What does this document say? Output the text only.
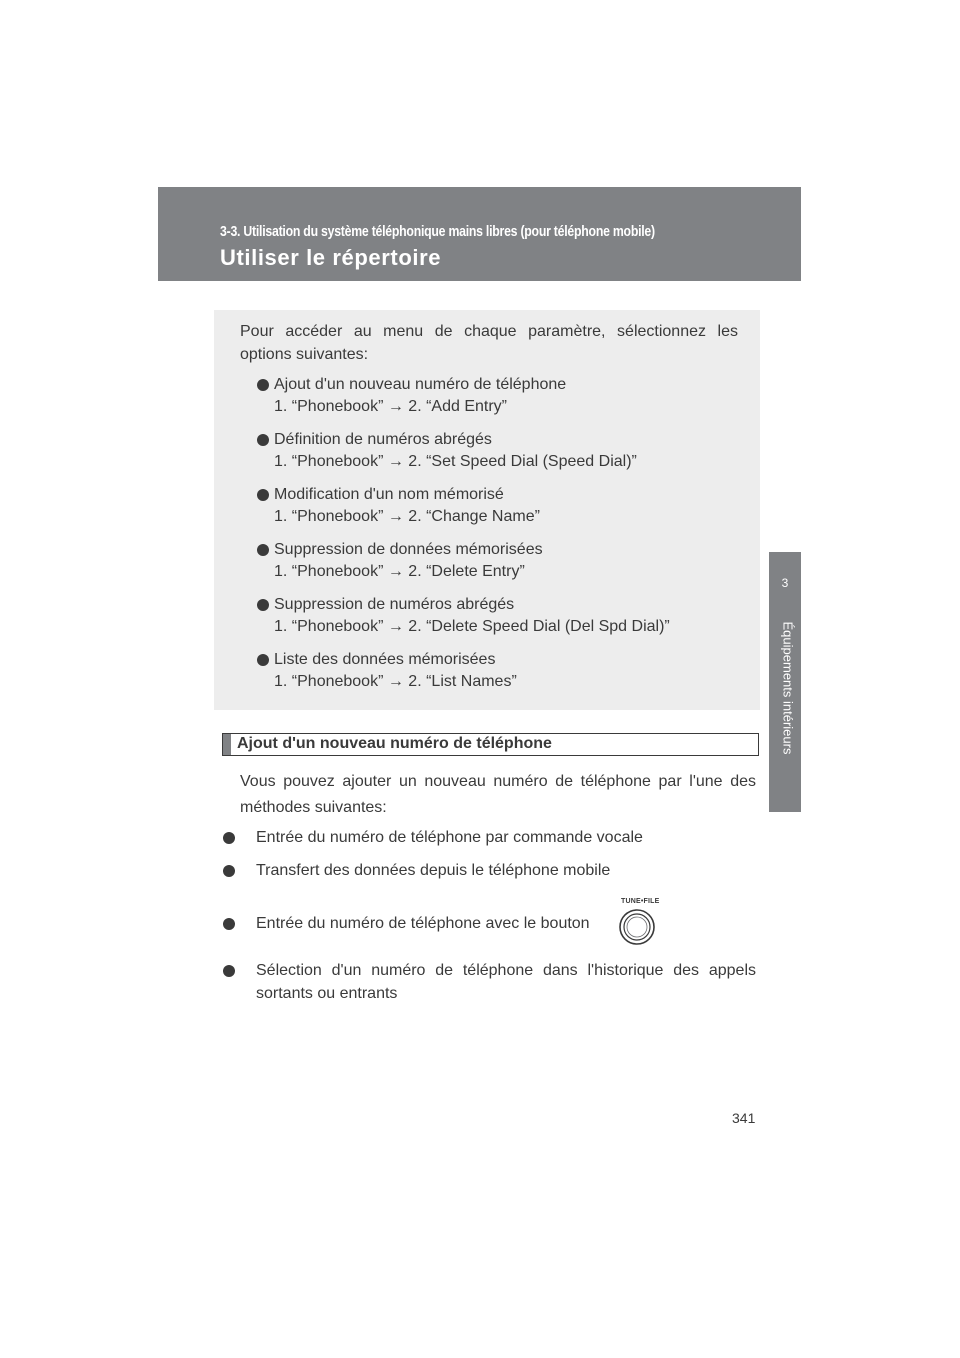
3-3. Utilisation du système téléphonique mains libres (pour téléphone mobile)
Utiliser le répertoire
3
Équipements intérieurs
Pour accéder au menu de chaque paramètre, sélectionnez les
options suivantes:
Ajout d'un nouveau numéro de téléphone
1. “Phonebook” → 2. “Add Entry”
Définition de numéros abrégés
1. “Phonebook” → 2. “Set Speed Dial (Speed Dial)”
Modification d'un nom mémorisé
1. “Phonebook” → 2. “Change Name”
Suppression de données mémorisées
1. “Phonebook” → 2. “Delete Entry”
Suppression de numéros abrégés
1. “Phonebook” → 2. “Delete Speed Dial (Del Spd Dial)”
Liste des données mémorisées
1. “Phonebook” → 2. “List Names”
Ajout d'un nouveau numéro de téléphone
Vous pouvez ajouter un nouveau numéro de téléphone par l'une des
méthodes suivantes:
Entrée du numéro de téléphone par commande vocale
Transfert des données depuis le téléphone mobile
Entrée du numéro de téléphone avec le bouton
TUNE•FILE
Sélection d'un numéro de téléphone dans l'historique des appels
sortants ou entrants
341
